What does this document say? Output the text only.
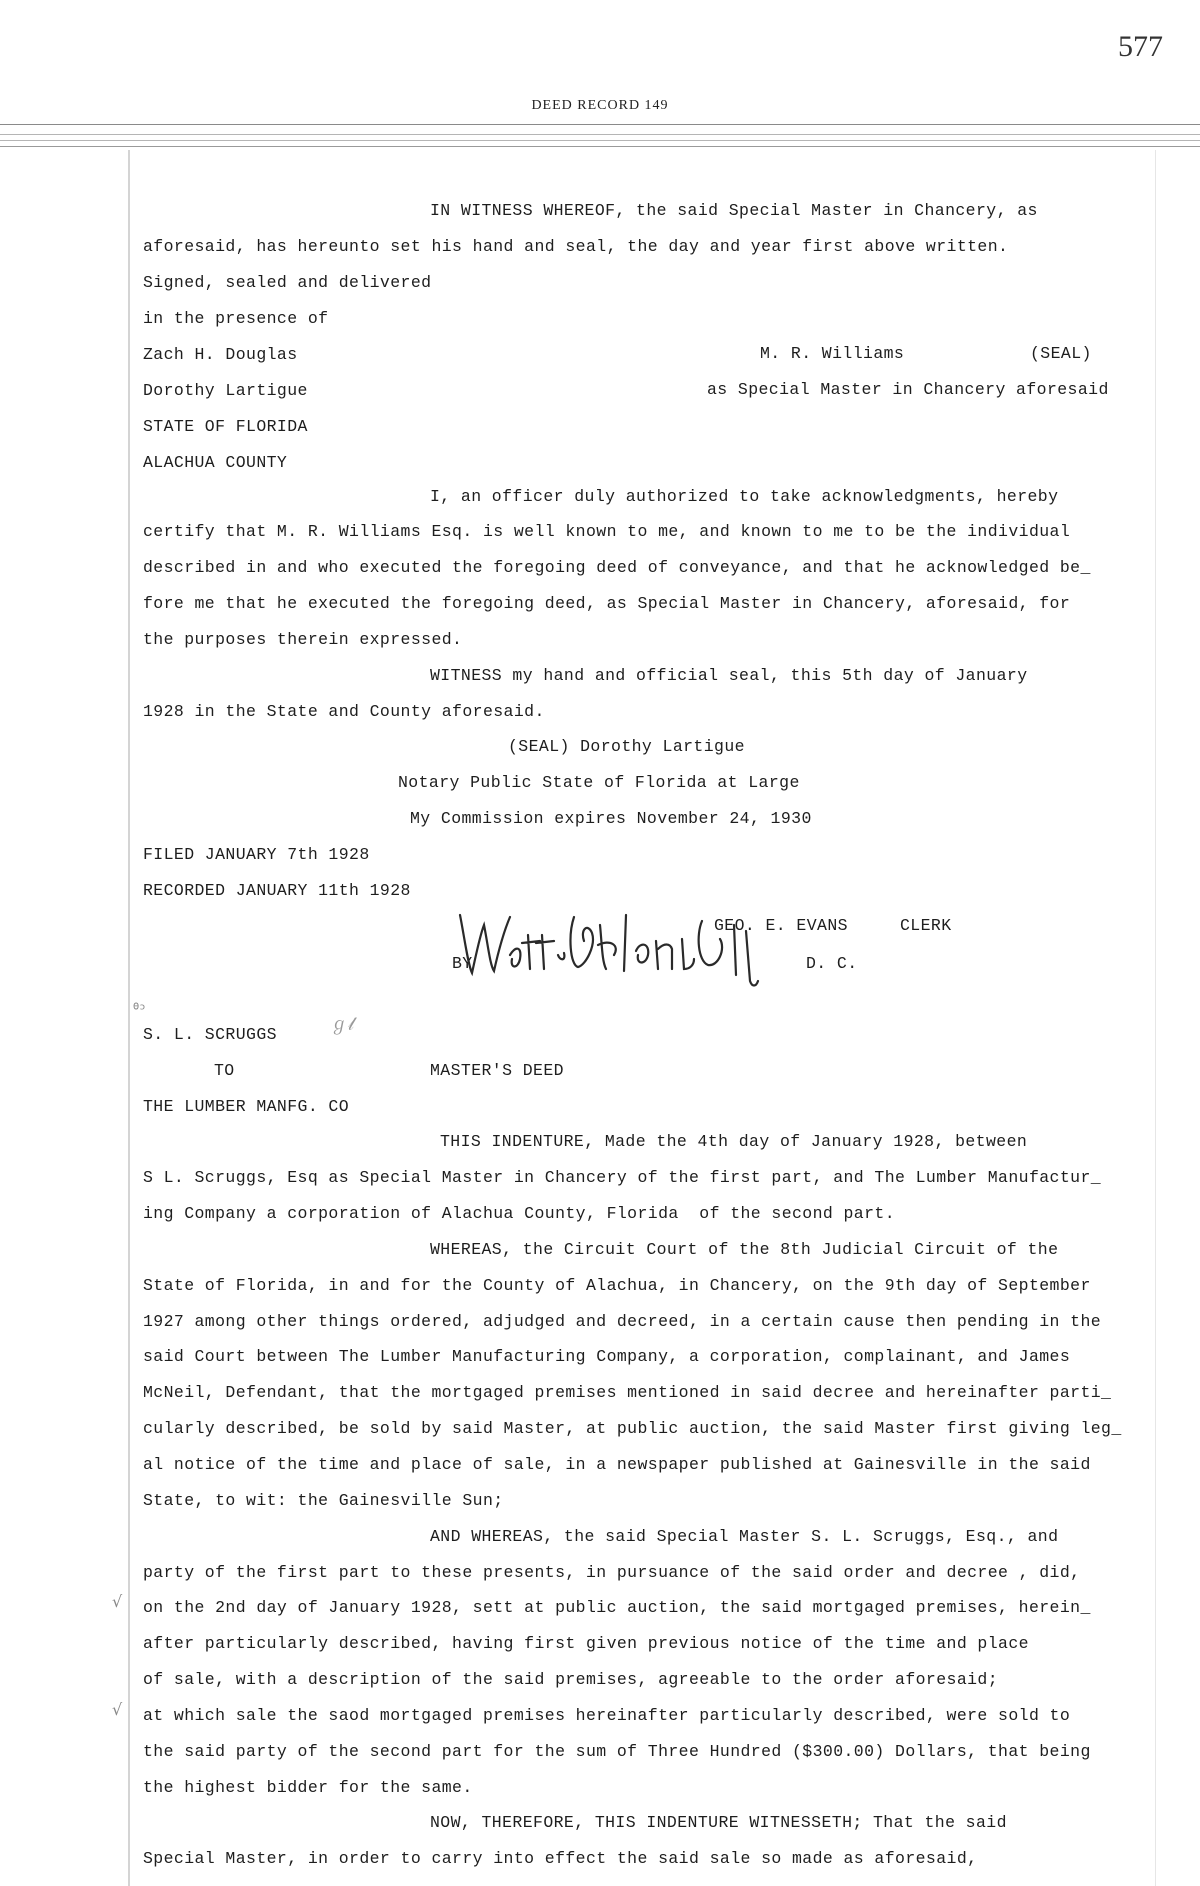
577
DEED RECORD 149
IN WITNESS WHEREOF, the said Special Master in Chancery, as
aforesaid, has hereunto set his hand and seal, the day and year first above written.
Signed, sealed and delivered
in the presence of
Zach H. Douglas	M. R. Williams	(SEAL)
Dorothy Lartigue	as Special Master in Chancery aforesaid
STATE OF FLORIDA
ALACHUA COUNTY
I, an officer duly authorized to take acknowledgments, hereby
certify that M. R. Williams Esq. is well known to me, and known to me to be the individual
described in and who executed the foregoing deed of conveyance, and that he acknowledged be_
fore me that he executed the foregoing deed, as Special Master in Chancery, aforesaid, for
the purposes therein expressed.
WITNESS my hand and official seal, this 5th day of January
1928 in the State and County aforesaid.
(SEAL) Dorothy Lartigue
Notary Public State of Florida at Large
My Commission expires November 24, 1930
FILED JANUARY 7th 1928
RECORDED JANUARY 11th 1928
GEO. E. EVANS	CLERK
BY	D. C.
ᶿᵓ
ℊ𝓁
S. L. SCRUGGS
TO	MASTER'S DEED
THE LUMBER MANFG. CO
THIS INDENTURE, Made the 4th day of January 1928, between
S L. Scruggs, Esq as Special Master in Chancery of the first part, and The Lumber Manufactur_
ing Company a corporation of Alachua County, Florida  of the second part.
WHEREAS, the Circuit Court of the 8th Judicial Circuit of the
State of Florida, in and for the County of Alachua, in Chancery, on the 9th day of September
1927 among other things ordered, adjudged and decreed, in a certain cause then pending in the
said Court between The Lumber Manufacturing Company, a corporation, complainant, and James
McNeil, Defendant, that the mortgaged premises mentioned in said decree and hereinafter parti_
cularly described, be sold by said Master, at public auction, the said Master first giving leg_
al notice of the time and place of sale, in a newspaper published at Gainesville in the said
State, to wit: the Gainesville Sun;
AND WHEREAS, the said Special Master S. L. Scruggs, Esq., and
party of the first part to these presents, in pursuance of the said order and decree , did,
√ on the 2nd day of January 1928, sett at public auction, the said mortgaged premises, herein_
after particularly described, having first given previous notice of the time and place
of sale, with a description of the said premises, agreeable to the order aforesaid;
√ at which sale the saod mortgaged premises hereinafter particularly described, were sold to
the said party of the second part for the sum of Three Hundred ($300.00) Dollars, that being
the highest bidder for the same.
NOW, THEREFORE, THIS INDENTURE WITNESSETH; That the said
Special Master, in order to carry into effect the said sale so made as aforesaid,
